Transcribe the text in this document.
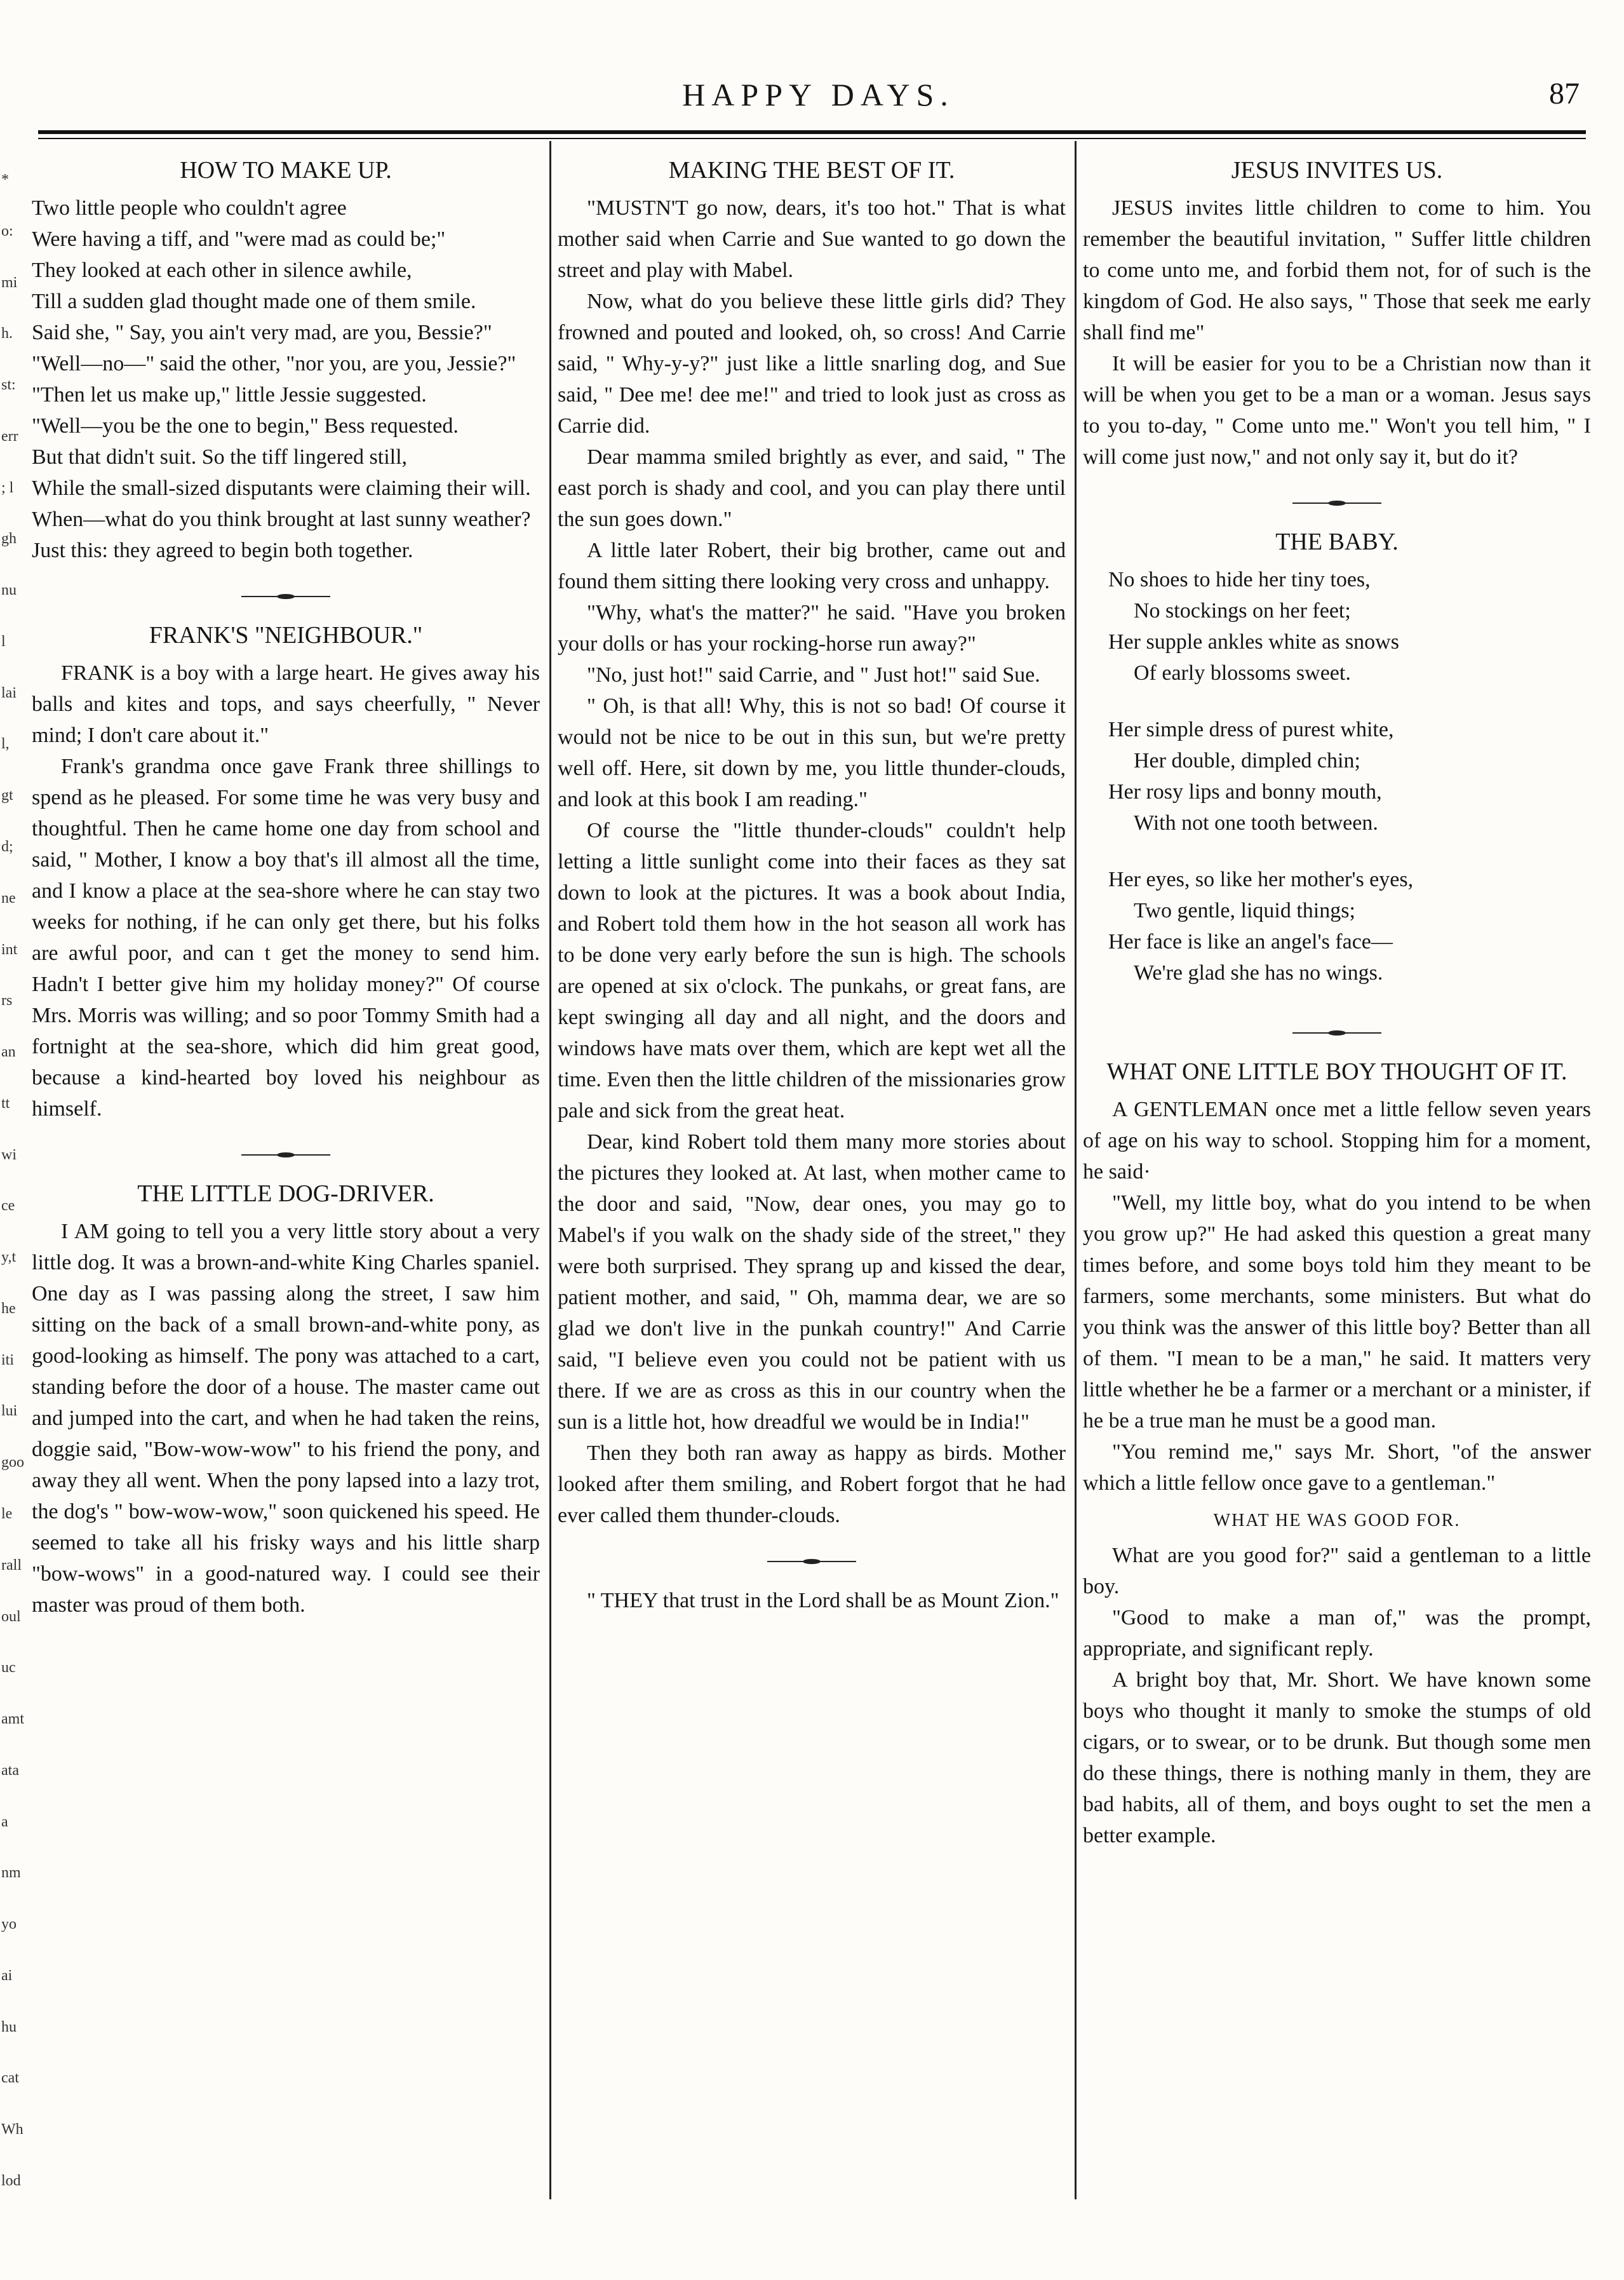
HAPPY DAYS.	87
*
o:
mi
h.
st:
err
; l
gh
nu
l
lai
l,
gt
d;
ne
int
rs
an
tt
wi
ce
y,t
he
iti
lui
goo
le
rall
oul
uc
amt
ata
a
nm
yo
ai
hu
cat
Wh
lod
HOW TO MAKE UP.

Two little people who couldn't agree

Were having a tiff, and "were mad as could be;"

They looked at each other in silence awhile,

Till a sudden glad thought made one of them smile.

Said she, " Say, you ain't very mad, are you, Bessie?"

"Well—no—" said the other, "nor you, are you, Jessie?"

"Then let us make up," little Jessie suggested.

"Well—you be the one to begin," Bess requested.

But that didn't suit. So the tiff lingered still,

While the small-sized disputants were claiming their will.

When—what do you think brought at last sunny weather?

Just this: they agreed to begin both together.

FRANK'S "NEIGHBOUR."

FRANK is a boy with a large heart. He gives away his balls and kites and tops, and says cheerfully, " Never mind; I don't care about it."

Frank's grandma once gave Frank three shillings to spend as he pleased. For some time he was very busy and thoughtful. Then he came home one day from school and said, " Mother, I know a boy that's ill almost all the time, and I know a place at the sea-shore where he can stay two weeks for nothing, if he can only get there, but his folks are awful poor, and can t get the money to send him. Hadn't I better give him my holiday money?" Of course Mrs. Morris was willing; and so poor Tommy Smith had a fortnight at the sea-shore, which did him great good, because a kind-hearted boy loved his neighbour as himself.

THE LITTLE DOG-DRIVER.

I AM going to tell you a very little story about a very little dog. It was a brown-and-white King Charles spaniel. One day as I was passing along the street, I saw him sitting on the back of a small brown-and-white pony, as good-looking as himself. The pony was attached to a cart, standing before the door of a house. The master came out and jumped into the cart, and when he had taken the reins, doggie said, "Bow-wow-wow" to his friend the pony, and away they all went. When the pony lapsed into a lazy trot, the dog's " bow-wow-wow," soon quickened his speed. He seemed to take all his frisky ways and his little sharp "bow-wows" in a good-natured way. I could see their master was proud of them both.

MAKING THE BEST OF IT.

"MUSTN'T go now, dears, it's too hot." That is what mother said when Carrie and Sue wanted to go down the street and play with Mabel.

Now, what do you believe these little girls did? They frowned and pouted and looked, oh, so cross! And Carrie said, " Why-y-y?" just like a little snarling dog, and Sue said, " Dee me! dee me!" and tried to look just as cross as Carrie did.

Dear mamma smiled brightly as ever, and said, " The east porch is shady and cool, and you can play there until the sun goes down."

A little later Robert, their big brother, came out and found them sitting there looking very cross and unhappy.

"Why, what's the matter?" he said. "Have you broken your dolls or has your rocking-horse run away?"

"No, just hot!" said Carrie, and " Just hot!" said Sue.

" Oh, is that all! Why, this is not so bad! Of course it would not be nice to be out in this sun, but we're pretty well off. Here, sit down by me, you little thunder-clouds, and look at this book I am reading."

Of course the "little thunder-clouds" couldn't help letting a little sunlight come into their faces as they sat down to look at the pictures. It was a book about India, and Robert told them how in the hot season all work has to be done very early before the sun is high. The schools are opened at six o'clock. The punkahs, or great fans, are kept swinging all day and all night, and the doors and windows have mats over them, which are kept wet all the time. Even then the little children of the missionaries grow pale and sick from the great heat.

Dear, kind Robert told them many more stories about the pictures they looked at. At last, when mother came to the door and said, "Now, dear ones, you may go to Mabel's if you walk on the shady side of the street," they were both surprised. They sprang up and kissed the dear, patient mother, and said, " Oh, mamma dear, we are so glad we don't live in the punkah country!" And Carrie said, "I believe even you could not be patient with us there. If we are as cross as this in our country when the sun is a little hot, how dreadful we would be in India!"

Then they both ran away as happy as birds. Mother looked after them smiling, and Robert forgot that he had ever called them thunder-clouds.

" THEY that trust in the Lord shall be as Mount Zion."

JESUS INVITES US.

JESUS invites little children to come to him. You remember the beautiful invitation, " Suffer little children to come unto me, and forbid them not, for of such is the kingdom of God. He also says, " Those that seek me early shall find me"

It will be easier for you to be a Christian now than it will be when you get to be a man or a woman. Jesus says to you to-day, " Come unto me." Won't you tell him, " I will come just now," and not only say it, but do it?

THE BABY.
No shoes to hide her tiny toes,
No stockings on her feet;
Her supple ankles white as snows
Of early blossoms sweet.
Her simple dress of purest white,
Her double, dimpled chin;
Her rosy lips and bonny mouth,
With not one tooth between.
Her eyes, so like her mother's eyes,
Two gentle, liquid things;
Her face is like an angel's face—
We're glad she has no wings.
WHAT ONE LITTLE BOY THOUGHT OF IT.

A GENTLEMAN once met a little fellow seven years of age on his way to school. Stopping him for a moment, he said·

"Well, my little boy, what do you intend to be when you grow up?" He had asked this question a great many times before, and some boys told him they meant to be farmers, some merchants, some ministers. But what do you think was the answer of this little boy? Better than all of them. "I mean to be a man," he said. It matters very little whether he be a farmer or a merchant or a minister, if he be a true man he must be a good man.

"You remind me," says Mr. Short, "of the answer which a little fellow once gave to a gentleman."

WHAT HE WAS GOOD FOR.

What are you good for?" said a gentleman to a little boy.

"Good to make a man of," was the prompt, appropriate, and significant reply.

A bright boy that, Mr. Short. We have known some boys who thought it manly to smoke the stumps of old cigars, or to swear, or to be drunk. But though some men do these things, there is nothing manly in them, they are bad habits, all of them, and boys ought to set the men a better example.
